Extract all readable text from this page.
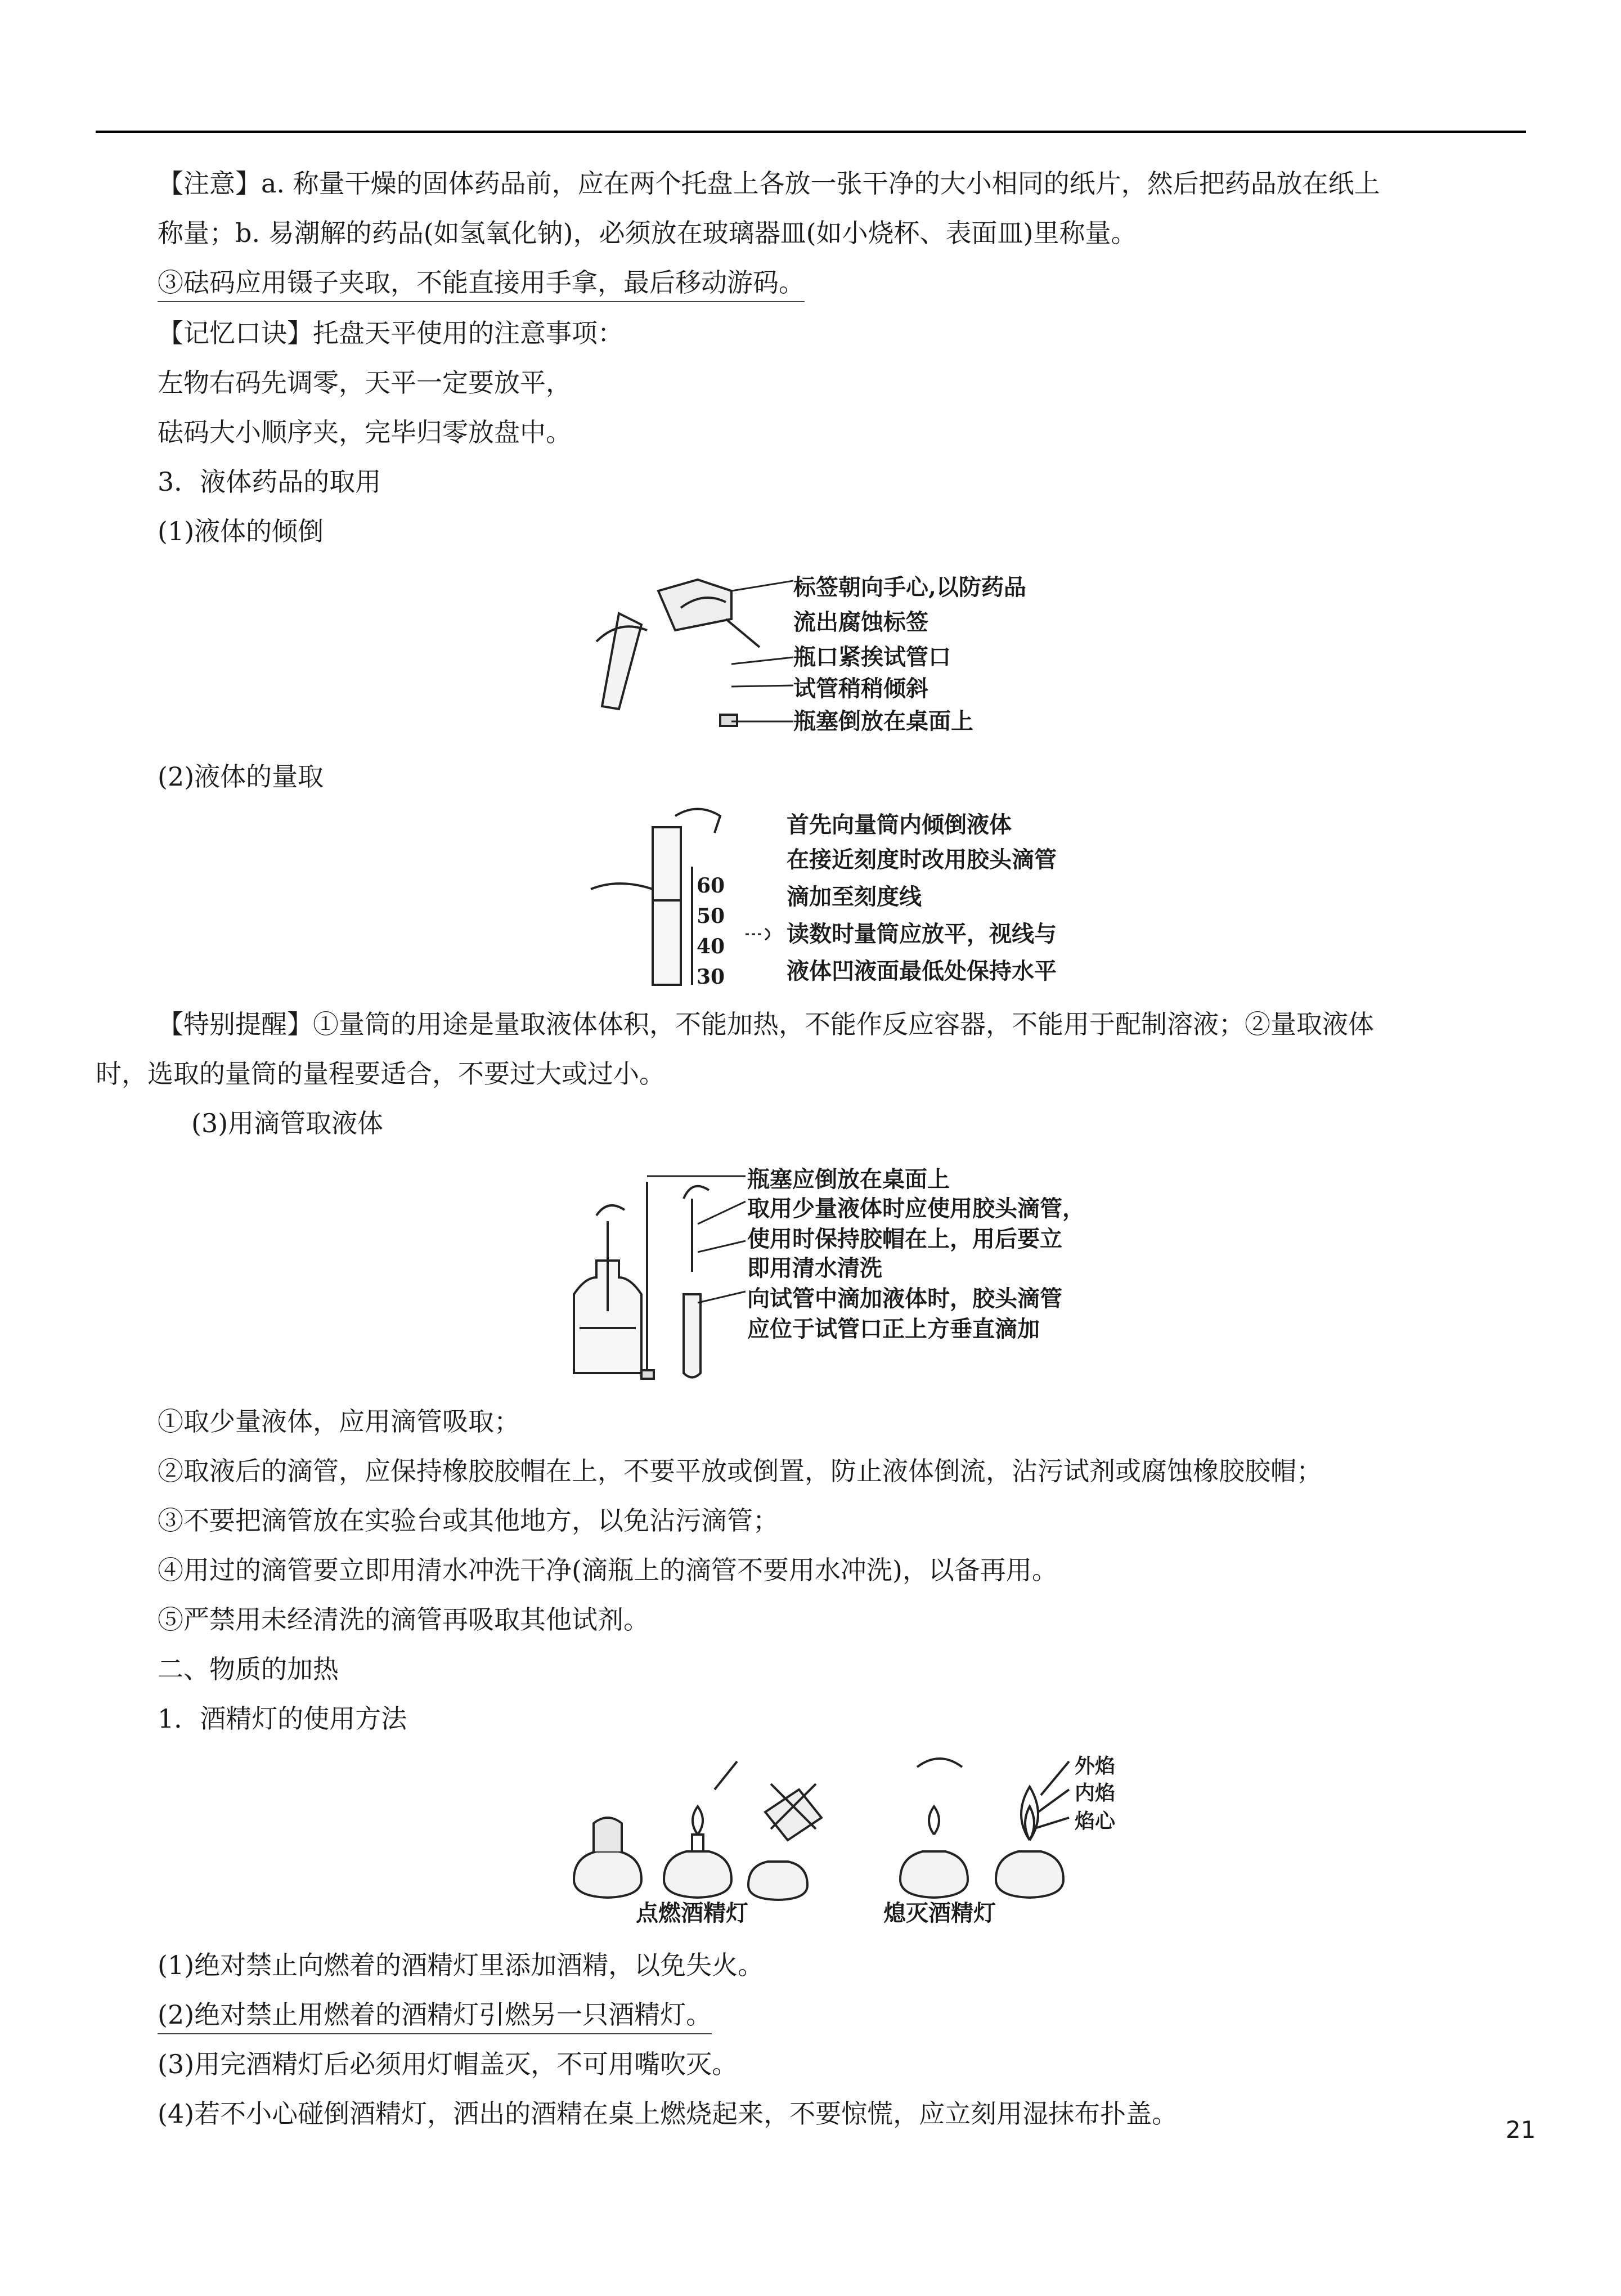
【注意】a. 称量干燥的固体药品前，应在两个托盘上各放一张干净的大小相同的纸片，然后把药品放在纸上
称量；b. 易潮解的药品(如氢氧化钠)，必须放在玻璃器皿(如小烧杯、表面皿)里称量。
③砝码应用镊子夹取，不能直接用手拿，最后移动游码。
【记忆口诀】托盘天平使用的注意事项：
左物右码先调零，天平一定要放平，
砝码大小顺序夹，完毕归零放盘中。
3．液体药品的取用
(1)液体的倾倒
标签朝向手心,以防药品
流出腐蚀标签
瓶口紧挨试管口
试管稍稍倾斜
瓶塞倒放在桌面上
(2)液体的量取
60
50
40
30
首先向量筒内倾倒液体
在接近刻度时改用胶头滴管
滴加至刻度线
读数时量筒应放平，视线与
液体凹液面最低处保持水平
【特别提醒】①量筒的用途是量取液体体积，不能加热，不能作反应容器，不能用于配制溶液；②量取液体
时，选取的量筒的量程要适合，不要过大或过小。
(3)用滴管取液体
瓶塞应倒放在桌面上
取用少量液体时应使用胶头滴管，
使用时保持胶帽在上，用后要立
即用清水清洗
向试管中滴加液体时，胶头滴管
应位于试管口正上方垂直滴加
①取少量液体，应用滴管吸取；
②取液后的滴管，应保持橡胶胶帽在上，不要平放或倒置，防止液体倒流，沾污试剂或腐蚀橡胶胶帽；
③不要把滴管放在实验台或其他地方，以免沾污滴管；
④用过的滴管要立即用清水冲洗干净(滴瓶上的滴管不要用水冲洗)，以备再用。
⑤严禁用未经清洗的滴管再吸取其他试剂。
二、物质的加热
1．酒精灯的使用方法
外焰
内焰
焰心
点燃酒精灯	熄灭酒精灯
(1)绝对禁止向燃着的酒精灯里添加酒精，以免失火。
(2)绝对禁止用燃着的酒精灯引燃另一只酒精灯。
(3)用完酒精灯后必须用灯帽盖灭，不可用嘴吹灭。
(4)若不小心碰倒酒精灯，洒出的酒精在桌上燃烧起来，不要惊慌，应立刻用湿抹布扑盖。
21
